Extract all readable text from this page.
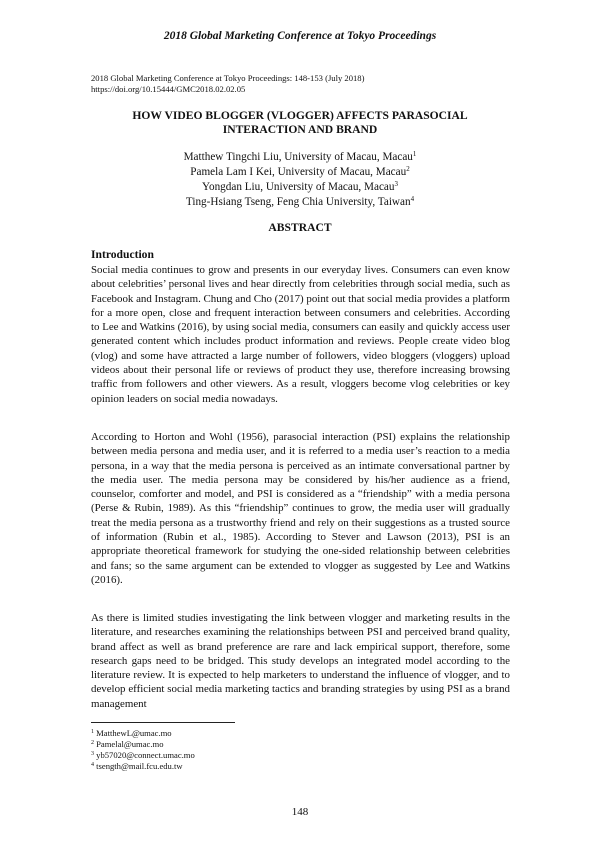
2018 Global Marketing Conference at Tokyo Proceedings
2018 Global Marketing Conference at Tokyo Proceedings: 148-153 (July 2018)
https://doi.org/10.15444/GMC2018.02.02.05
HOW VIDEO BLOGGER (VLOGGER) AFFECTS PARASOCIAL
INTERACTION AND BRAND
Matthew Tingchi Liu, University of Macau, Macau$^1$
Pamela Lam I Kei, University of Macau, Macau$^2$
Yongdan Liu, University of Macau, Macau$^3$
Ting-Hsiang Tseng, Feng Chia University, Taiwan$^4$
ABSTRACT
Introduction

Social media continues to grow and presents in our everyday lives. Consumers can even know about celebrities’ personal lives and hear directly from celebrities through social media, such as Facebook and Instagram. Chung and Cho (2017) point out that social media provides a platform for a more open, close and frequent interaction between consumers and celebrities. According to Lee and Watkins (2016), by using social media, consumers can easily and quickly access user generated content which includes product information and reviews. People create video blog (vlog) and some have attracted a large number of followers, video bloggers (vloggers) upload videos about their personal life or reviews of product they use, therefore increasing browsing traffic from followers and other viewers. As a result, vloggers become vlog celebrities or key opinion leaders on social media nowadays.

According to Horton and Wohl (1956), parasocial interaction (PSI) explains the relationship between media persona and media user, and it is referred to a media user’s reaction to a media persona, in a way that the media persona is perceived as an intimate conversational partner by the media user. The media persona may be considered by his/her audience as a friend, counselor, comforter and model, and PSI is considered as a “friendship” with a media persona (Perse & Rubin, 1989). As this “friendship” continues to grow, the media user will gradually treat the media persona as a trustworthy friend and rely on their suggestions as a trusted source of information (Rubin et al., 1985). According to Stever and Lawson (2013), PSI is an appropriate theoretical framework for studying the one-sided relationship between celebrities and fans; so the same argument can be extended to vlogger as suggested by Lee and Watkins (2016).

As there is limited studies investigating the link between vlogger and marketing results in the literature, and researches examining the relationships between PSI and perceived brand quality, brand affect as well as brand preference are rare and lack empirical support, therefore, some research gaps need to be bridged. This study develops an integrated model according to the literature review. It is expected to help marketers to understand the influence of vlogger, and to develop efficient social media marketing tactics and branding strategies by using PSI as a brand management

$^1$ MatthewL@umac.mo
$^2$ Pamelal@umac.mo
$^3$ yb57020@connect.umac.mo
$^4$ tsength@mail.fcu.edu.tw
148
